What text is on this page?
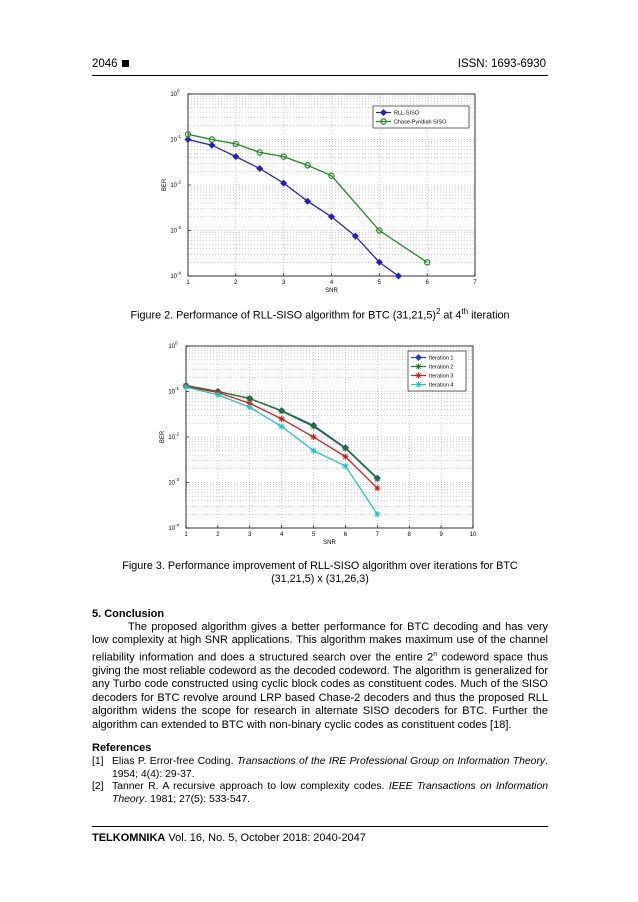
2046	ISSN: 1693-6930
1	2	3	4	5	6	7
10
0
10
-1
10
-2
10
-3
10
-4
SNR
BER
RLL-SISO
Chase-Pyndiah SISO
Figure 2. Performance of RLL-SISO algorithm for BTC $(31,21,5)^2$ at 4th iteration
1	2	3	4	5	6	7	8	9	10
10
0
10
-1
10
-2
10
-3
10
-4
SNR
BER
Iteration 1
Iteration 2
Iteration 3
Iteration 4
Figure 3. Performance improvement of RLL-SISO algorithm over iterations for BTC
(31,21,5) x (31,26,3)
5. Conclusion
The proposed algorithm gives a better performance for BTC decoding and has very low complexity at high SNR applications. This algorithm makes maximum use of the channel reliability information and does a structured search over the entire 2$^n$ codeword space thus giving the most reliable codeword as the decoded codeword. The algorithm is generalized for any Turbo code constructed using cyclic block codes as constituent codes. Much of the SISO decoders for BTC revolve around LRP based Chase-2 decoders and thus the proposed RLL algorithm widens the scope for research in alternate SISO decoders for BTC. Further the algorithm can extended to BTC with non-binary cyclic codes as constituent codes [18].
References
[1] Elias P. Error-free Coding. Transactions of the IRE Professional Group on Information Theory. 1954; 4(4): 29-37.
[2] Tanner R. A recursive approach to low complexity codes. IEEE Transactions on Information Theory. 1981; 27(5): 533-547.
TELKOMNIKA Vol. 16, No. 5, October 2018: 2040-2047
